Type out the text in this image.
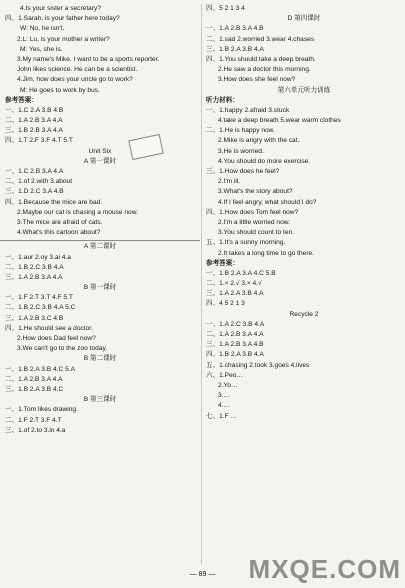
4.Is your sister a secretary?
四、1.Sarah, is your father here today?
W: No, he isn't.
2.L: Lu, is your mother a writer?
M: Yes, she is.
3.My name's Mike. I want to be a sports reporter.
John likes science. He can be a scientist.
4.Jim, how does your uncle go to work?
M: He goes to work by bus.
参考答案：
一、1.C 2.A 3.B 4.B
二、1.A 2.B 3.A 4.A
三、1.B 2.B 3.A 4.A
四、1.T 2.F 3.F 4.T 5.T
Unit Six
A 第一课时
一、1.C 2.B 3.A 4.A
二、1.of 2.with 3.about
三、1.D 2.C 3.A 4.B
四、1.Because the mice are bad.
2.Maybe our cat is chasing a mouse now.
3.The mice are afraid of cats.
4.What's this cartoon about?
A 第二课时
一、1.aur 2.oy 3.ai 4.a
二、1.B 2.C 3.B 4.A
三、1.A 2.B 3.A 4.A
B 第一课时
一、1.F 2.T 3.T 4.F 5.T
二、1.B 2.C 3.B 4.A 5.C
三、1.A 2.B 3.C 4.B
四、1.He should see a doctor.
2.How does Dad feel now?
3.We can't go to the zoo today.
B 第二课时
一、1.B 2.A 3.B 4.C 5.A
二、1.A 2.B 3.A 4.A
三、1.B 2.A 3.B 4.C
B 第三课时
一、1.Tom likes drawing.
二、1.F 2.T 3.F 4.T
三、1.of 2.to 3.in 4.a
四、5 2 1 3 4
D 第四课时
一、1.A 2.B 3.A 4.B
二、1.sad 2.worried 3.wear 4.chases
三、1.B 2.A 3.B 4.A
四、1.You should take a deep breath.
2.He saw a doctor this morning.
3.How does she feel now?
第六单元听力训练
听力材料：
一、1.happy 2.afraid 3.stuck
4.take a deep breath 5.wear warm clothes
二、1.He is happy now.
2.Mike is angry with the cat.
3.He is worried.
4.You should do more exercise.
三、1.How does he feel?
2.I'm ill.
3.What's the story about?
4.If I feel angry, what should I do?
四、1.How does Tom feel now?
2.I'm a little worried now.
3.You should count to ten.
五、1.It's a sunny morning.
2.It takes a long time to go there.
参考答案：
一、1.B 2.A 3.A 4.C 5.B
二、1.× 2.√ 3.× 4.√
三、1.A 2.A 3.B 4.A
四、4 5 2 1 3
Recycle 2
一、1.A 2.C 3.B 4.A
二、1.A 2.B 3.A 4.A
三、1.A 2.B 3.A 4.B
四、1.B 2.A 3.B 4.A
五、1.chasing 2.took 3.goes 4.lives
六、1.Peo…
2.Yo…
3.…
4.…
七、1.F …
— 89 —	MXQE.COM
